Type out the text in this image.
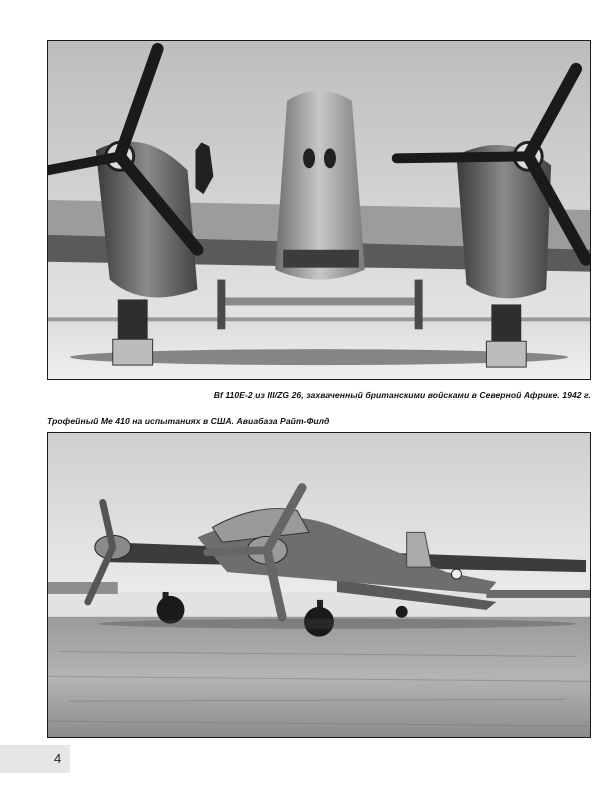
Bf 110E-2 из III/ZG 26, захваченный британскими войсками в Северной Африке. 1942 г.
Трофейный Me 410 на испытаниях в США. Авиабаза Райт-Филд
4
